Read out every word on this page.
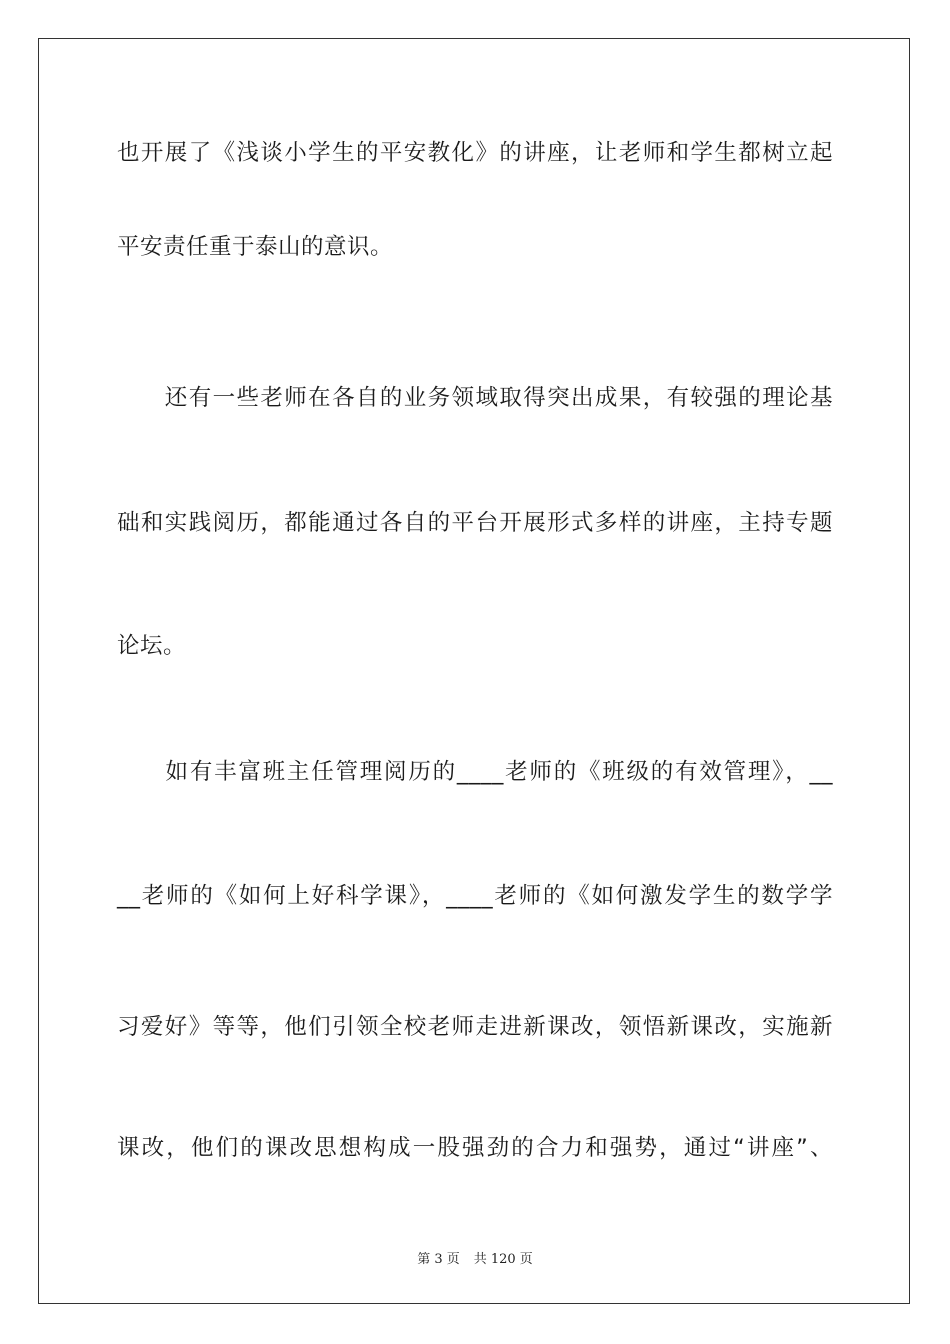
也开展了《浅谈小学生的平安教化》的讲座，让老师和学生都树立起
平安责任重于泰山的意识。
　　还有一些老师在各自的业务领域取得突出成果，有较强的理论基
础和实践阅历，都能通过各自的平台开展形式多样的讲座，主持专题
论坛。
　　如有丰富班主任管理阅历的____老师的《班级的有效管理》，__
__老师的《如何上好科学课》，____老师的《如何激发学生的数学学
习爱好》等等，他们引领全校老师走进新课改，领悟新课改，实施新
课改，他们的课改思想构成一股强劲的合力和强势，通过“讲座”、
第 3 页 共 120 页
